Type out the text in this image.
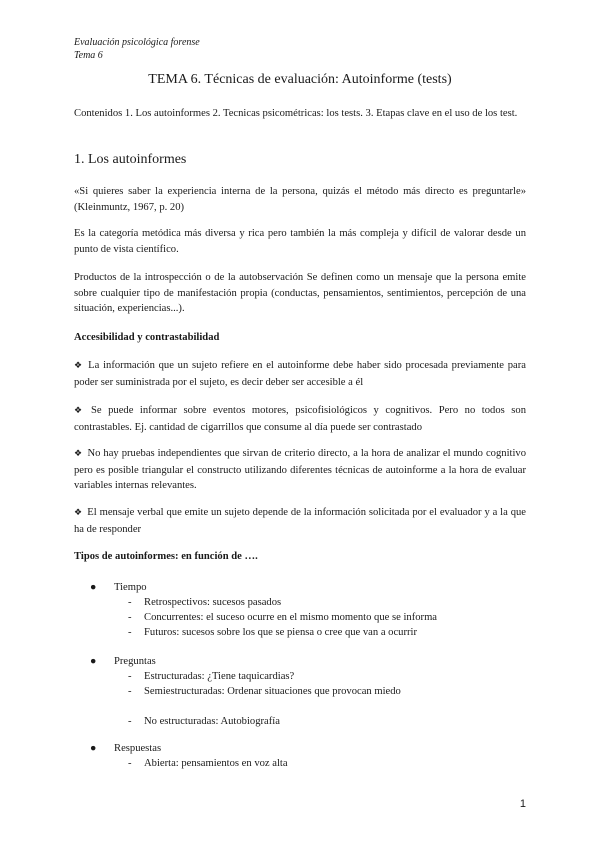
Evaluación psicológica forense
Tema 6
TEMA 6. Técnicas de evaluación: Autoinforme (tests)
Contenidos 1. Los autoinformes 2. Tecnicas psicométricas: los tests. 3. Etapas clave en el uso de los test.
1. Los autoinformes
«Si quieres saber la experiencia interna de la persona, quizás el método más directo es preguntarle» (Kleinmuntz, 1967, p. 20)
Es la categoría metódica más diversa y rica pero también la más compleja y difícil de valorar desde un punto de vista científico.
Productos de la introspección o de la autobservación Se definen como un mensaje que la persona emite sobre cualquier tipo de manifestación propia (conductas, pensamientos, sentimientos, percepción de una situación, experiencias...).
Accesibilidad y contrastabilidad
❖ La información que un sujeto refiere en el autoinforme debe haber sido procesada previamente para poder ser suministrada por el sujeto, es decir deber ser accesible a él
❖ Se puede informar sobre eventos motores, psicofisiológicos y cognitivos. Pero no todos son contrastables. Ej. cantidad de cigarrillos que consume al día puede ser contrastado
❖ No hay pruebas independientes que sirvan de criterio directo, a la hora de analizar el mundo cognitivo pero es posible triangular el constructo utilizando diferentes técnicas de autoinforme a la hora de evaluar variables internas relevantes.
❖ El mensaje verbal que emite un sujeto depende de la información solicitada por el evaluador y a la que ha de responder
Tipos de autoinformes: en función de ….
● Tiempo
- Retrospectivos: sucesos pasados
- Concurrentes: el suceso ocurre en el mismo momento que se informa
- Futuros: sucesos sobre los que se piensa o cree que van a ocurrir
● Preguntas
- Estructuradas: ¿Tiene taquicardias?
- Semiestructuradas: Ordenar situaciones que provocan miedo
- No estructuradas: Autobiografía
● Respuestas
- Abierta: pensamientos en voz alta
1
